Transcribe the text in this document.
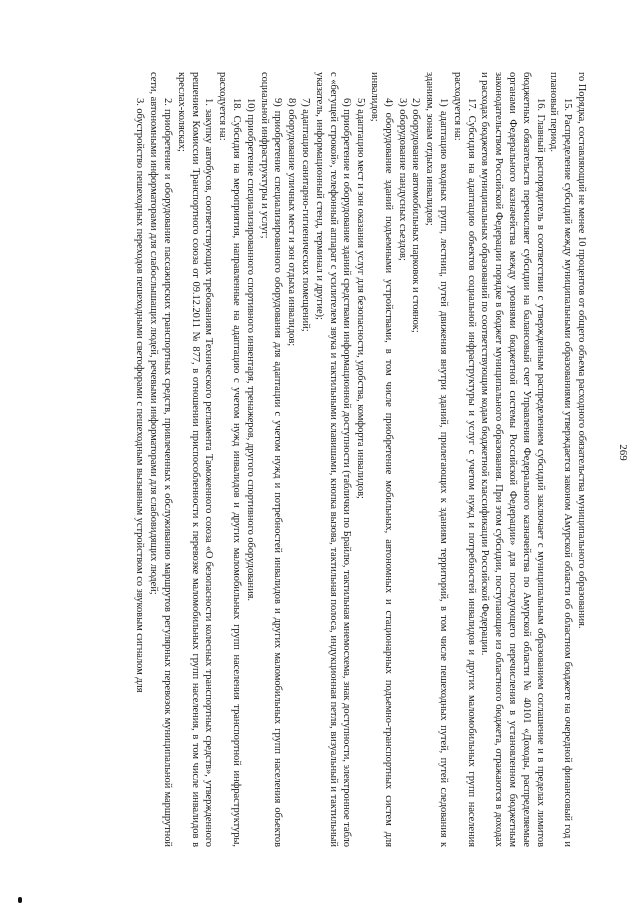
269

го Порядка, составляющий не менее 10 процентов от общего объема расходного обязательства муниципального образования.

15. Распределение субсидий между муниципальными образованиями утверждается законом Амурской области об областном бюджете на очередной финансовый год и плановый период.

16. Главный распорядитель в соответствии с утвержденным распределением субсидий заключает с муниципальным образованием соглашение и в пределах лимитов бюджетных обязательств перечисляет субсидии на балансовый счет Управления Федерального казначейства по Амурской области № 40101 «Доходы, распределяемые органами Федерального казначейства между уровнями бюджетной системы Российской Федерации» для последующего перечисления в установленном бюджетным законодательством Российской Федерации порядке в бюджет муниципального образования. При этом субсидии, поступающие из областного бюджета, отражаются в доходах и расходах бюджетов муниципальных образований по соответствующим кодам бюджетной классификации Российской Федерации.

17. Субсидия на адаптацию объектов социальной инфраструктуры и услуг с учетом нужд и потребностей инвалидов и других маломобильных групп населения расходуется на:

1) адаптацию входных групп, лестниц, путей движения внутри зданий, прилегающих к зданиям территорий, в том числе пешеходных путей, путей следования к зданиям, зонам отдыха инвалидов;

2) оборудование автомобильных парковок и стоянок;

3) оборудование пандусных съездов;

4) оборудование зданий подъемными устройствами, в том числе приобретение мобильных, автономных и стационарных подъемно-транспортных систем для инвалидов;

5) адаптацию мест и зон оказания услуг для безопасности, удобства, комфорта инвалидов;

6) приобретение и оборудование зданий средствами информационной доступности (таблички по Брайлю, тактильная мнемосхема, знак доступности, электронное табло с «бегущей строкой», телефонный аппарат с усилителем звука и тактильными клавишами, кнопка вызова, тактильная полоса, индукционная петля, визуальный и тактильный указатель, информационный стенд, терминал и другие);

7) адаптацию санитарно-гигиенических помещений;

8) оборудование уличных мест и зон отдыха инвалидов;

9) приобретение специализированного оборудования для адаптации с учетом нужд и потребностей инвалидов и других маломобильных групп населения объектов социальной инфраструктуры и услуг;

10) приобретение специализированного спортивного инвентаря, тренажеров, другого спортивного оборудования.

18. Субсидия на мероприятия, направленные на адаптацию с учетом нужд инвалидов и других маломобильных групп населения транспортной инфраструктуры, расходуется на:

1. закупку автобусов, соответствующих требованиям Технического регламента Таможенного союза «О безопасности колесных транспортных средств», утвержденного решением Комиссии Транспортного союза от 09.12.2011 № 877, в отношении приспособленности к перевозке маломобильных групп населения, в том числе инвалидов в креслах-колясках;

2. приобретение и оборудование пассажирских транспортных средств, привлеченных к обслуживанию маршрутов регулярных перевозок муниципальной маршрутной сети, автономными информаторами для слабослышащих людей, речевыми информаторами для слабовидящих людей;

3. обустройство пешеходных переходов пешеходными светофорами с пешеходным вызывным устройством со звуковым сигналом для
